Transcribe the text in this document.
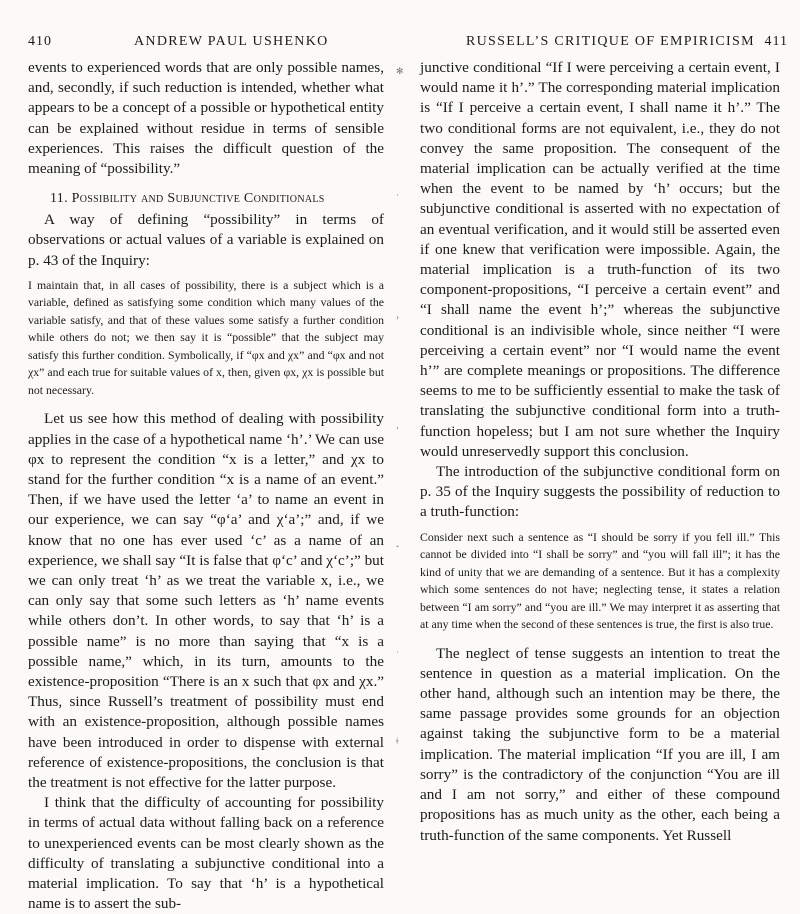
410	ANDREW PAUL USHENKO

events to experienced words that are only possible names, and, secondly, if such reduction is intended, whether what appears to be a concept of a possible or hypothetical entity can be explained without residue in terms of sensible experiences. This raises the difficult question of the meaning of “possibility.”

11. Possibility and Subjunctive Conditionals

A way of defining “possibility” in terms of observations or actual values of a variable is explained on p. 43 of the Inquiry:

I maintain that, in all cases of possibility, there is a subject which is a variable, defined as satisfying some condition which many values of the variable satisfy, and that of these values some satisfy a further condition while others do not; we then say it is “possible” that the subject may satisfy this further condition. Symbolically, if “φx and χx” and “φx and not χx” and each true for suitable values of x, then, given φx, χx is possible but not necessary.

Let us see how this method of dealing with possibility applies in the case of a hypothetical name ‘h’.’ We can use φx to represent the condition “x is a letter,” and χx to stand for the further condition “x is a name of an event.” Then, if we have used the letter ‘a’ to name an event in our experience, we can say “φ‘a’ and χ‘a’;” and, if we know that no one has ever used ‘c’ as a name of an experience, we shall say “It is false that φ‘c’ and χ‘c’;” but we can only treat ‘h’ as we treat the variable x, i.e., we can only say that some such letters as ‘h’ name events while others don’t. In other words, to say that ‘h’ is a possible name” is no more than saying that “x is a possible name,” which, in its turn, amounts to the existence-proposition “There is an x such that φx and χx.” Thus, since Russell’s treatment of possibility must end with an existence-proposition, although possible names have been introduced in order to dispense with external reference of existence-propositions, the conclusion is that the treatment is not effective for the latter purpose.

I think that the difficulty of accounting for possibility in terms of actual data without falling back on a reference to unexperienced events can be most clearly shown as the difficulty of translating a subjunctive conditional into a material implication. To say that ‘h’ is a hypothetical name is to assert the sub-

✻
·
›
‚
ˇ
˙
ǂ
RUSSELL’S CRITIQUE OF EMPIRICISM 411

junctive conditional “If I were perceiving a certain event, I would name it h’.” The corresponding material implication is “If I perceive a certain event, I shall name it h’.” The two conditional forms are not equivalent, i.e., they do not convey the same proposition. The consequent of the material implication can be actually verified at the time when the event to be named by ‘h’ occurs; but the subjunctive conditional is asserted with no expectation of an eventual verification, and it would still be asserted even if one knew that verification were impossible. Again, the material implication is a truth-function of its two component-propositions, “I perceive a certain event” and “I shall name the event h’;” whereas the subjunctive conditional is an indivisible whole, since neither “I were perceiving a certain event” nor “I would name the event h’” are complete meanings or propositions. The difference seems to me to be sufficiently essential to make the task of translating the subjunctive conditional form into a truth-function hopeless; but I am not sure whether the Inquiry would unreservedly support this conclusion.

The introduction of the subjunctive conditional form on p. 35 of the Inquiry suggests the possibility of reduction to a truth-function:

Consider next such a sentence as “I should be sorry if you fell ill.” This cannot be divided into “I shall be sorry” and “you will fall ill”; it has the kind of unity that we are demanding of a sentence. But it has a complexity which some sentences do not have; neglecting tense, it states a relation between “I am sorry” and “you are ill.” We may interpret it as asserting that at any time when the second of these sentences is true, the first is also true.

The neglect of tense suggests an intention to treat the sentence in question as a material implication. On the other hand, although such an intention may be there, the same passage provides some grounds for an objection against taking the subjunctive form to be a material implication. The material implication “If you are ill, I am sorry” is the contradictory of the conjunction “You are ill and I am not sorry,” and either of these compound propositions has as much unity as the other, each being a truth-function of the same components. Yet Russell
